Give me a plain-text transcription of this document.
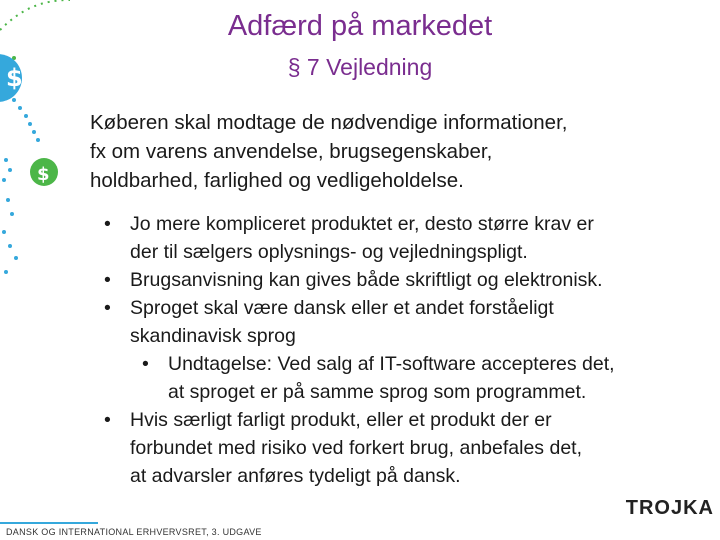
$
$
Adfærd på markedet
§ 7 Vejledning
Køberen skal modtage de nødvendige informationer,
fx om varens anvendelse, brugsegenskaber,
holdbarhed, farlighed og vedligeholdelse.
• Jo mere kompliceret produktet er, desto større krav er
der til sælgers oplysnings- og vejledningspligt.
• Brugsanvisning kan gives både skriftligt og elektronisk.
• Sproget skal være dansk eller et andet forståeligt
skandinavisk sprog
• Undtagelse: Ved salg af IT-software accepteres det,
at sproget er på samme sprog som programmet.
• Hvis særligt farligt produkt, eller et produkt der er
forbundet med risiko ved forkert brug, anbefales det,
at advarsler anføres tydeligt på dansk.
DANSK OG INTERNATIONAL ERHVERVSRET, 3. UDGAVE
TROJKA
